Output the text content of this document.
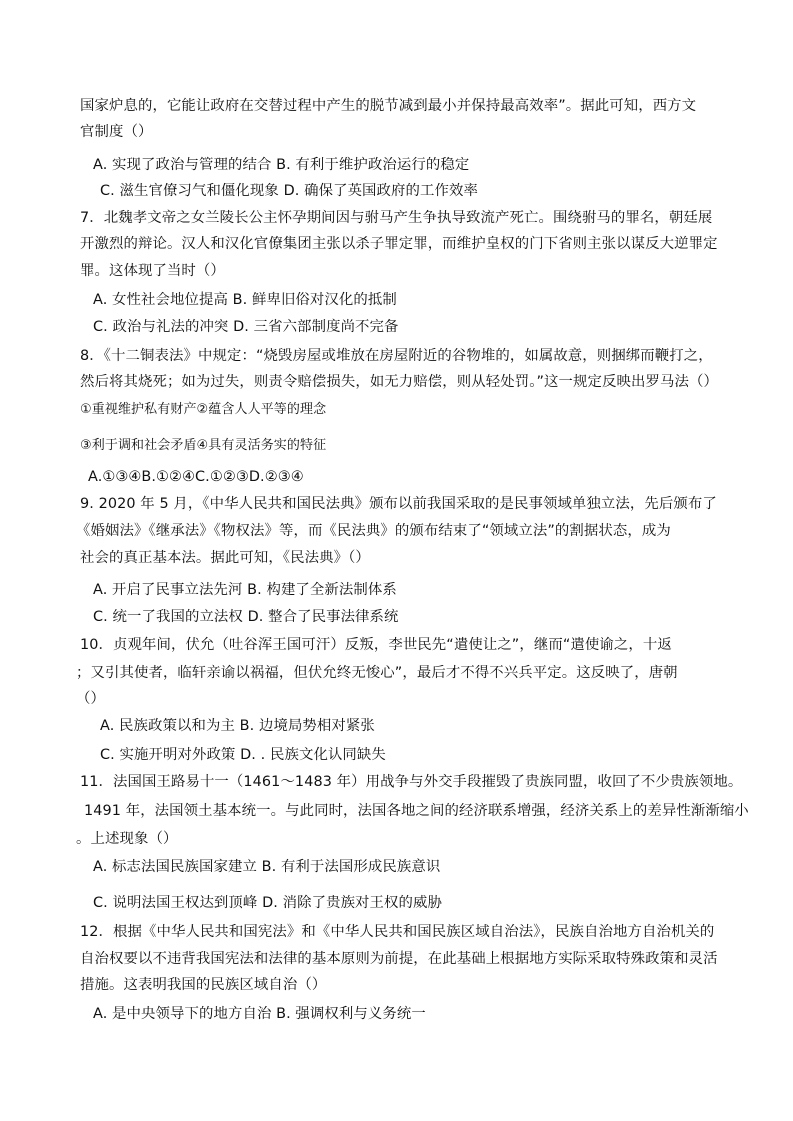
国家炉息的，它能让政府在交替过程中产生的脱节减到最小并保持最高效率”。据此可知，西方文
官制度（）
A. 实现了政治与管理的结合 B. 有利于维护政治运行的稳定
C. 滋生官僚习气和僵化现象 D. 确保了英国政府的工作效率
7．北魏孝文帝之女兰陵长公主怀孕期间因与驸马产生争执导致流产死亡。围绕驸马的罪名，朝廷展
开激烈的辩论。汉人和汉化官僚集团主张以杀子罪定罪，而维护皇权的门下省则主张以谋反大逆罪定
罪。这体现了当时（）
A. 女性社会地位提高 B. 鲜卑旧俗对汉化的抵制
C. 政治与礼法的冲突 D. 三省六部制度尚不完备
8．《十二铜表法》中规定：“烧毁房屋或堆放在房屋附近的谷物堆的，如属故意，则捆绑而鞭打之，
然后将其烧死；如为过失，则责令赔偿损失，如无力赔偿，则从轻处罚。”这一规定反映出罗马法（）
①重视维护私有财产②蕴含人人平等的理念
③利于调和社会矛盾④具有灵活务实的特征
A.①③④B.①②④C.①②③D.②③④
9. 2020 年 5 月，《中华人民共和国民法典》颁布以前我国采取的是民事领域单独立法，先后颁布了
《婚姻法》《继承法》《物权法》等，而《民法典》的颁布结束了“领域立法”的割据状态，成为
社会的真正基本法。据此可知，《民法典》（）
A. 开启了民事立法先河 B. 构建了全新法制体系
C. 统一了我国的立法权 D. 整合了民事法律系统
10．贞观年间，伏允（吐谷浑王国可汗）反叛，李世民先“遣使让之”，继而“遣使谕之，十返
；又引其使者，临轩亲谕以祸福，但伏允终无悛心”，最后才不得不兴兵平定。这反映了，唐朝
（）
A. 民族政策以和为主 B. 边境局势相对紧张
C. 实施开明对外政策 D. . 民族文化认同缺失
11．法国国王路易十一（1461～1483 年）用战争与外交手段摧毁了贵族同盟，收回了不少贵族领地。
1491 年，法国领土基本统一。与此同时，法国各地之间的经济联系增强，经济关系上的差异性渐渐缩小
。上述现象（）
A. 标志法国民族国家建立 B. 有利于法国形成民族意识
C. 说明法国王权达到顶峰 D. 消除了贵族对王权的威胁
12．根据《中华人民共和国宪法》和《中华人民共和国民族区域自治法》，民族自治地方自治机关的
自治权要以不违背我国宪法和法律的基本原则为前提，在此基础上根据地方实际采取特殊政策和灵活
措施。这表明我国的民族区域自治（）
A. 是中央领导下的地方自治 B. 强调权利与义务统一
